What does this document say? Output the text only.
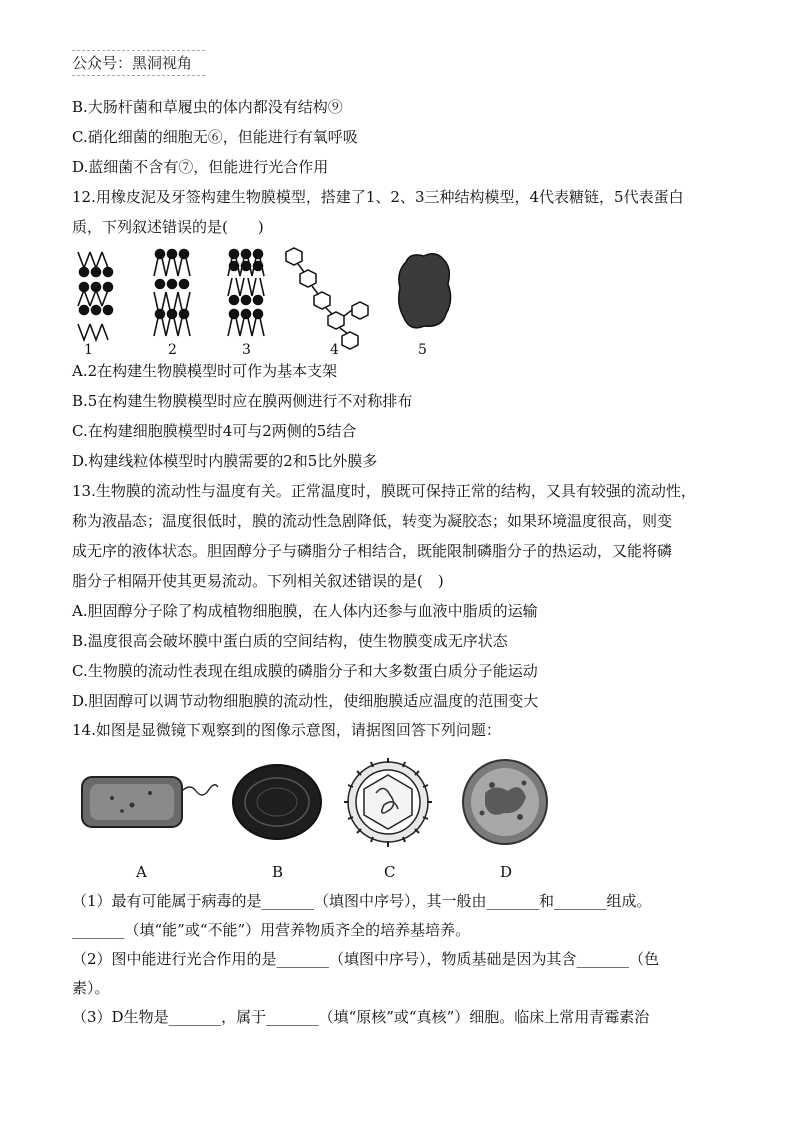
公众号：黑洞视角
B.大肠杆菌和草履虫的体内都没有结构⑨
C.硝化细菌的细胞无⑥，但能进行有氧呼吸
D.蓝细菌不含有⑦，但能进行光合作用
12.用橡皮泥及牙签构建生物膜模型，搭建了1、2、3三种结构模型，4代表糖链，5代表蛋白
质，下列叙述错误的是(　　)
1	2	3	4	5
A.2在构建生物膜模型时可作为基本支架
B.5在构建生物膜模型时应在膜两侧进行不对称排布
C.在构建细胞膜模型时4可与2两侧的5结合
D.构建线粒体模型时内膜需要的2和5比外膜多
13.生物膜的流动性与温度有关。正常温度时，膜既可保持正常的结构，又具有较强的流动性，
称为液晶态；温度很低时，膜的流动性急剧降低，转变为凝胶态；如果环境温度很高，则变
成无序的液体状态。胆固醇分子与磷脂分子相结合，既能限制磷脂分子的热运动，又能将磷
脂分子相隔开使其更易流动。下列相关叙述错误的是(　)
A.胆固醇分子除了构成植物细胞膜，在人体内还参与血液中脂质的运输
B.温度很高会破坏膜中蛋白质的空间结构，使生物膜变成无序状态
C.生物膜的流动性表现在组成膜的磷脂分子和大多数蛋白质分子能运动
D.胆固醇可以调节动物细胞膜的流动性，使细胞膜适应温度的范围变大
14.如图是显微镜下观察到的图像示意图，请据图回答下列问题：
A	B	C	D
（1）最有可能属于病毒的是_______（填图中序号），其一般由_______和_______组成。
_______（填“能”或“不能”）用营养物质齐全的培养基培养。
（2）图中能进行光合作用的是_______（填图中序号），物质基础是因为其含_______（色
素）。
（3）D生物是_______，属于_______（填“原核”或“真核”）细胞。临床上常用青霉素治
